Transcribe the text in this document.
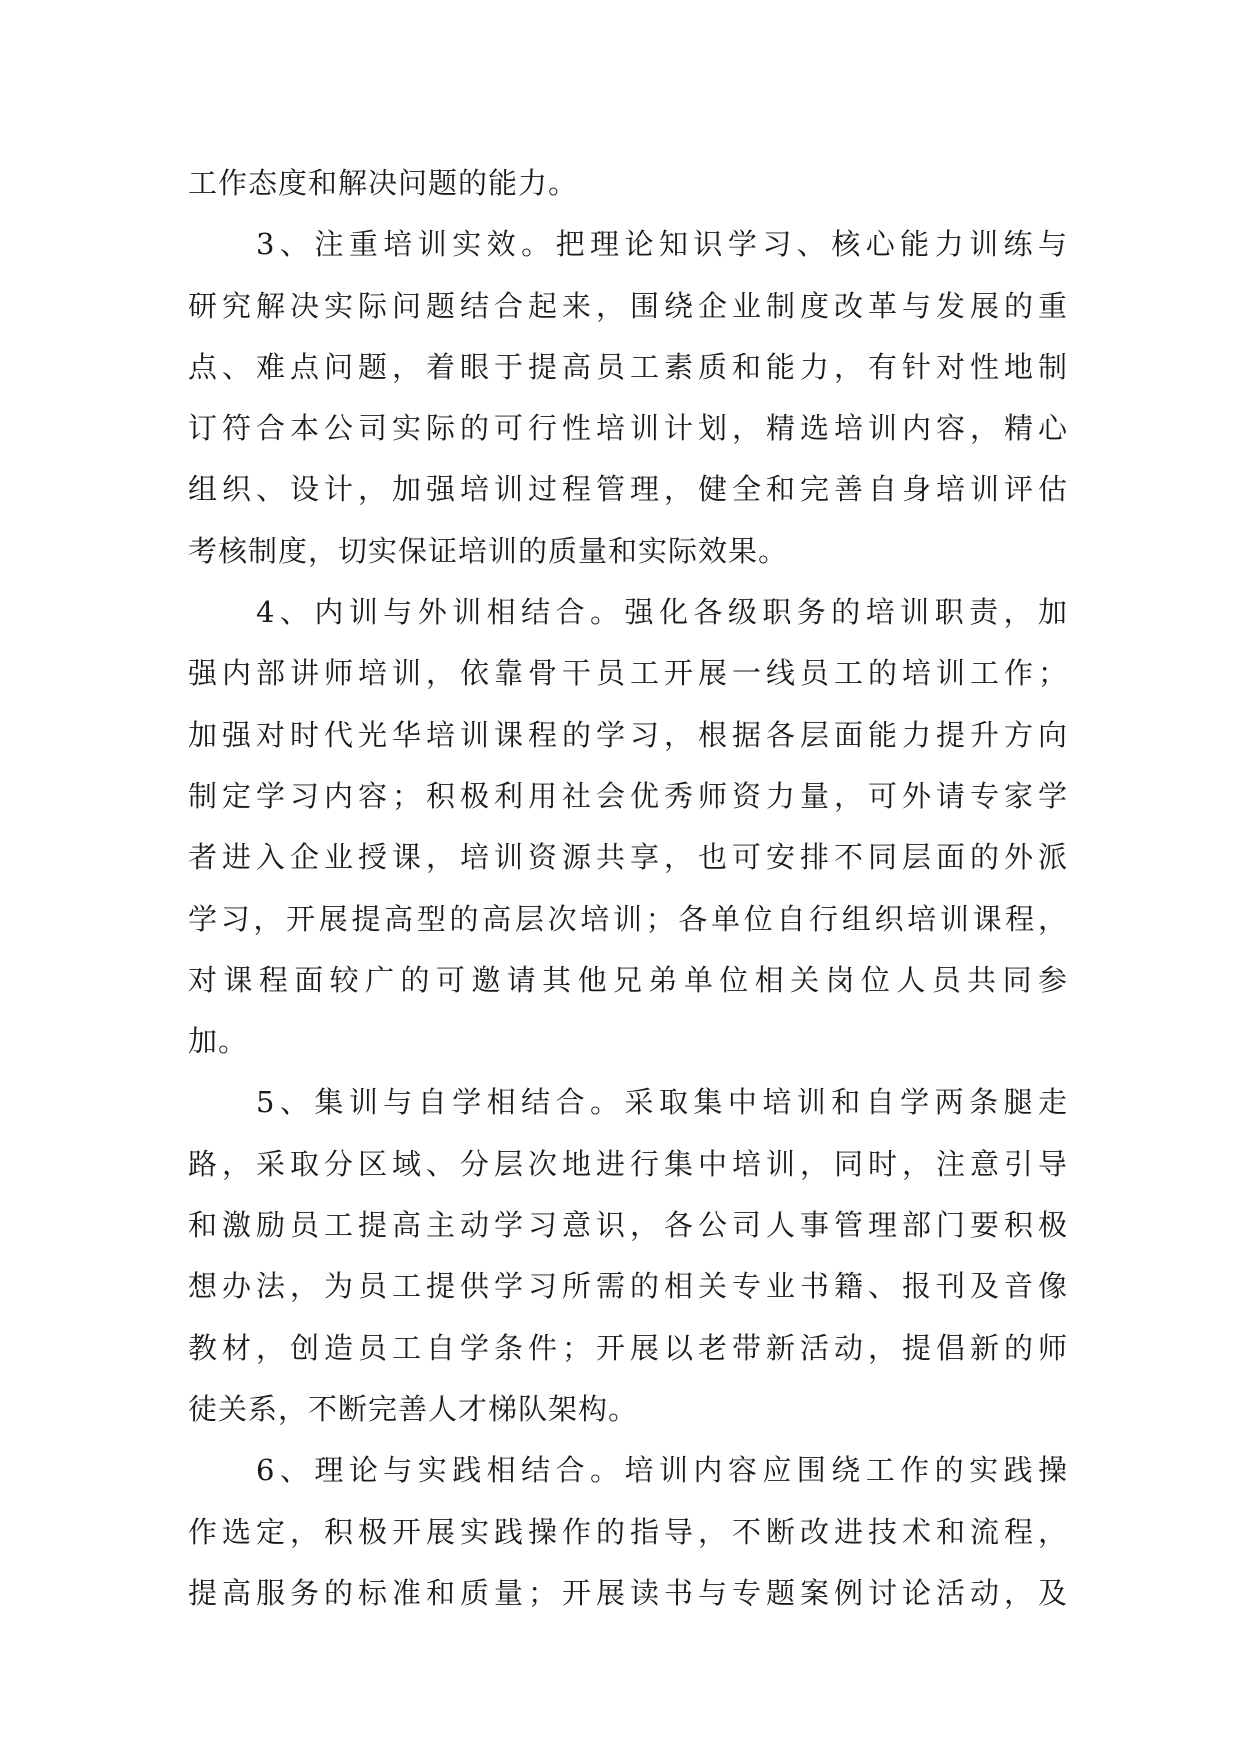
工作态度和解决问题的能力。
3、注重培训实效。把理论知识学习、核心能力训练与
研究解决实际问题结合起来，围绕企业制度改革与发展的重
点、难点问题，着眼于提高员工素质和能力，有针对性地制
订符合本公司实际的可行性培训计划，精选培训内容，精心
组织、设计，加强培训过程管理，健全和完善自身培训评估
考核制度，切实保证培训的质量和实际效果。
4、内训与外训相结合。强化各级职务的培训职责，加
强内部讲师培训，依靠骨干员工开展一线员工的培训工作；
加强对时代光华培训课程的学习，根据各层面能力提升方向
制定学习内容；积极利用社会优秀师资力量，可外请专家学
者进入企业授课，培训资源共享，也可安排不同层面的外派
学习，开展提高型的高层次培训；各单位自行组织培训课程，
对课程面较广的可邀请其他兄弟单位相关岗位人员共同参
加。
5、集训与自学相结合。采取集中培训和自学两条腿走
路，采取分区域、分层次地进行集中培训，同时，注意引导
和激励员工提高主动学习意识，各公司人事管理部门要积极
想办法，为员工提供学习所需的相关专业书籍、报刊及音像
教材，创造员工自学条件；开展以老带新活动，提倡新的师
徒关系，不断完善人才梯队架构。
6、理论与实践相结合。培训内容应围绕工作的实践操
作选定，积极开展实践操作的指导，不断改进技术和流程，
提高服务的标准和质量；开展读书与专题案例讨论活动，及
